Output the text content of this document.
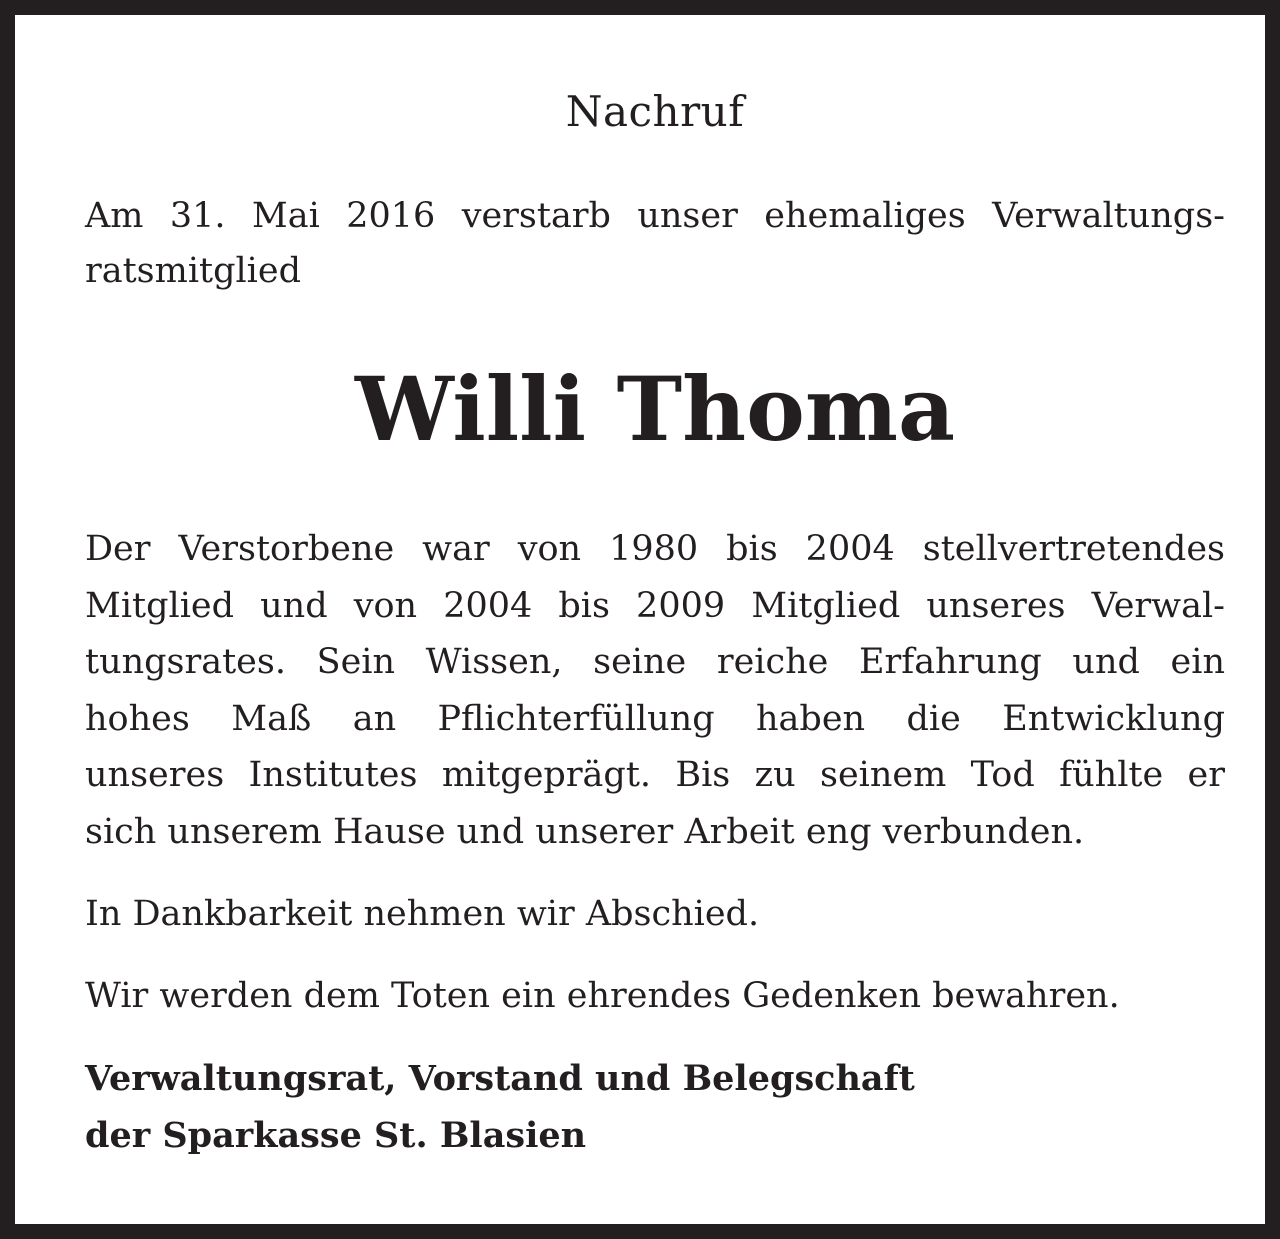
Nachruf

Am 31. Mai 2016 verstarb unser ehemaliges Verwaltungs-
ratsmitglied

Willi Thoma

Der Verstorbene war von 1980 bis 2004 stellvertretendes
Mitglied und von 2004 bis 2009 Mitglied unseres Verwal-
tungsrates. Sein Wissen, seine reiche Erfahrung und ein
hohes Maß an Pflichterfüllung haben die Entwicklung
unseres Institutes mitgeprägt. Bis zu seinem Tod fühlte er
sich unserem Hause und unserer Arbeit eng verbunden.

In Dankbarkeit nehmen wir Abschied.

Wir werden dem Toten ein ehrendes Gedenken bewahren.

Verwaltungsrat, Vorstand und Belegschaft
der Sparkasse St. Blasien
